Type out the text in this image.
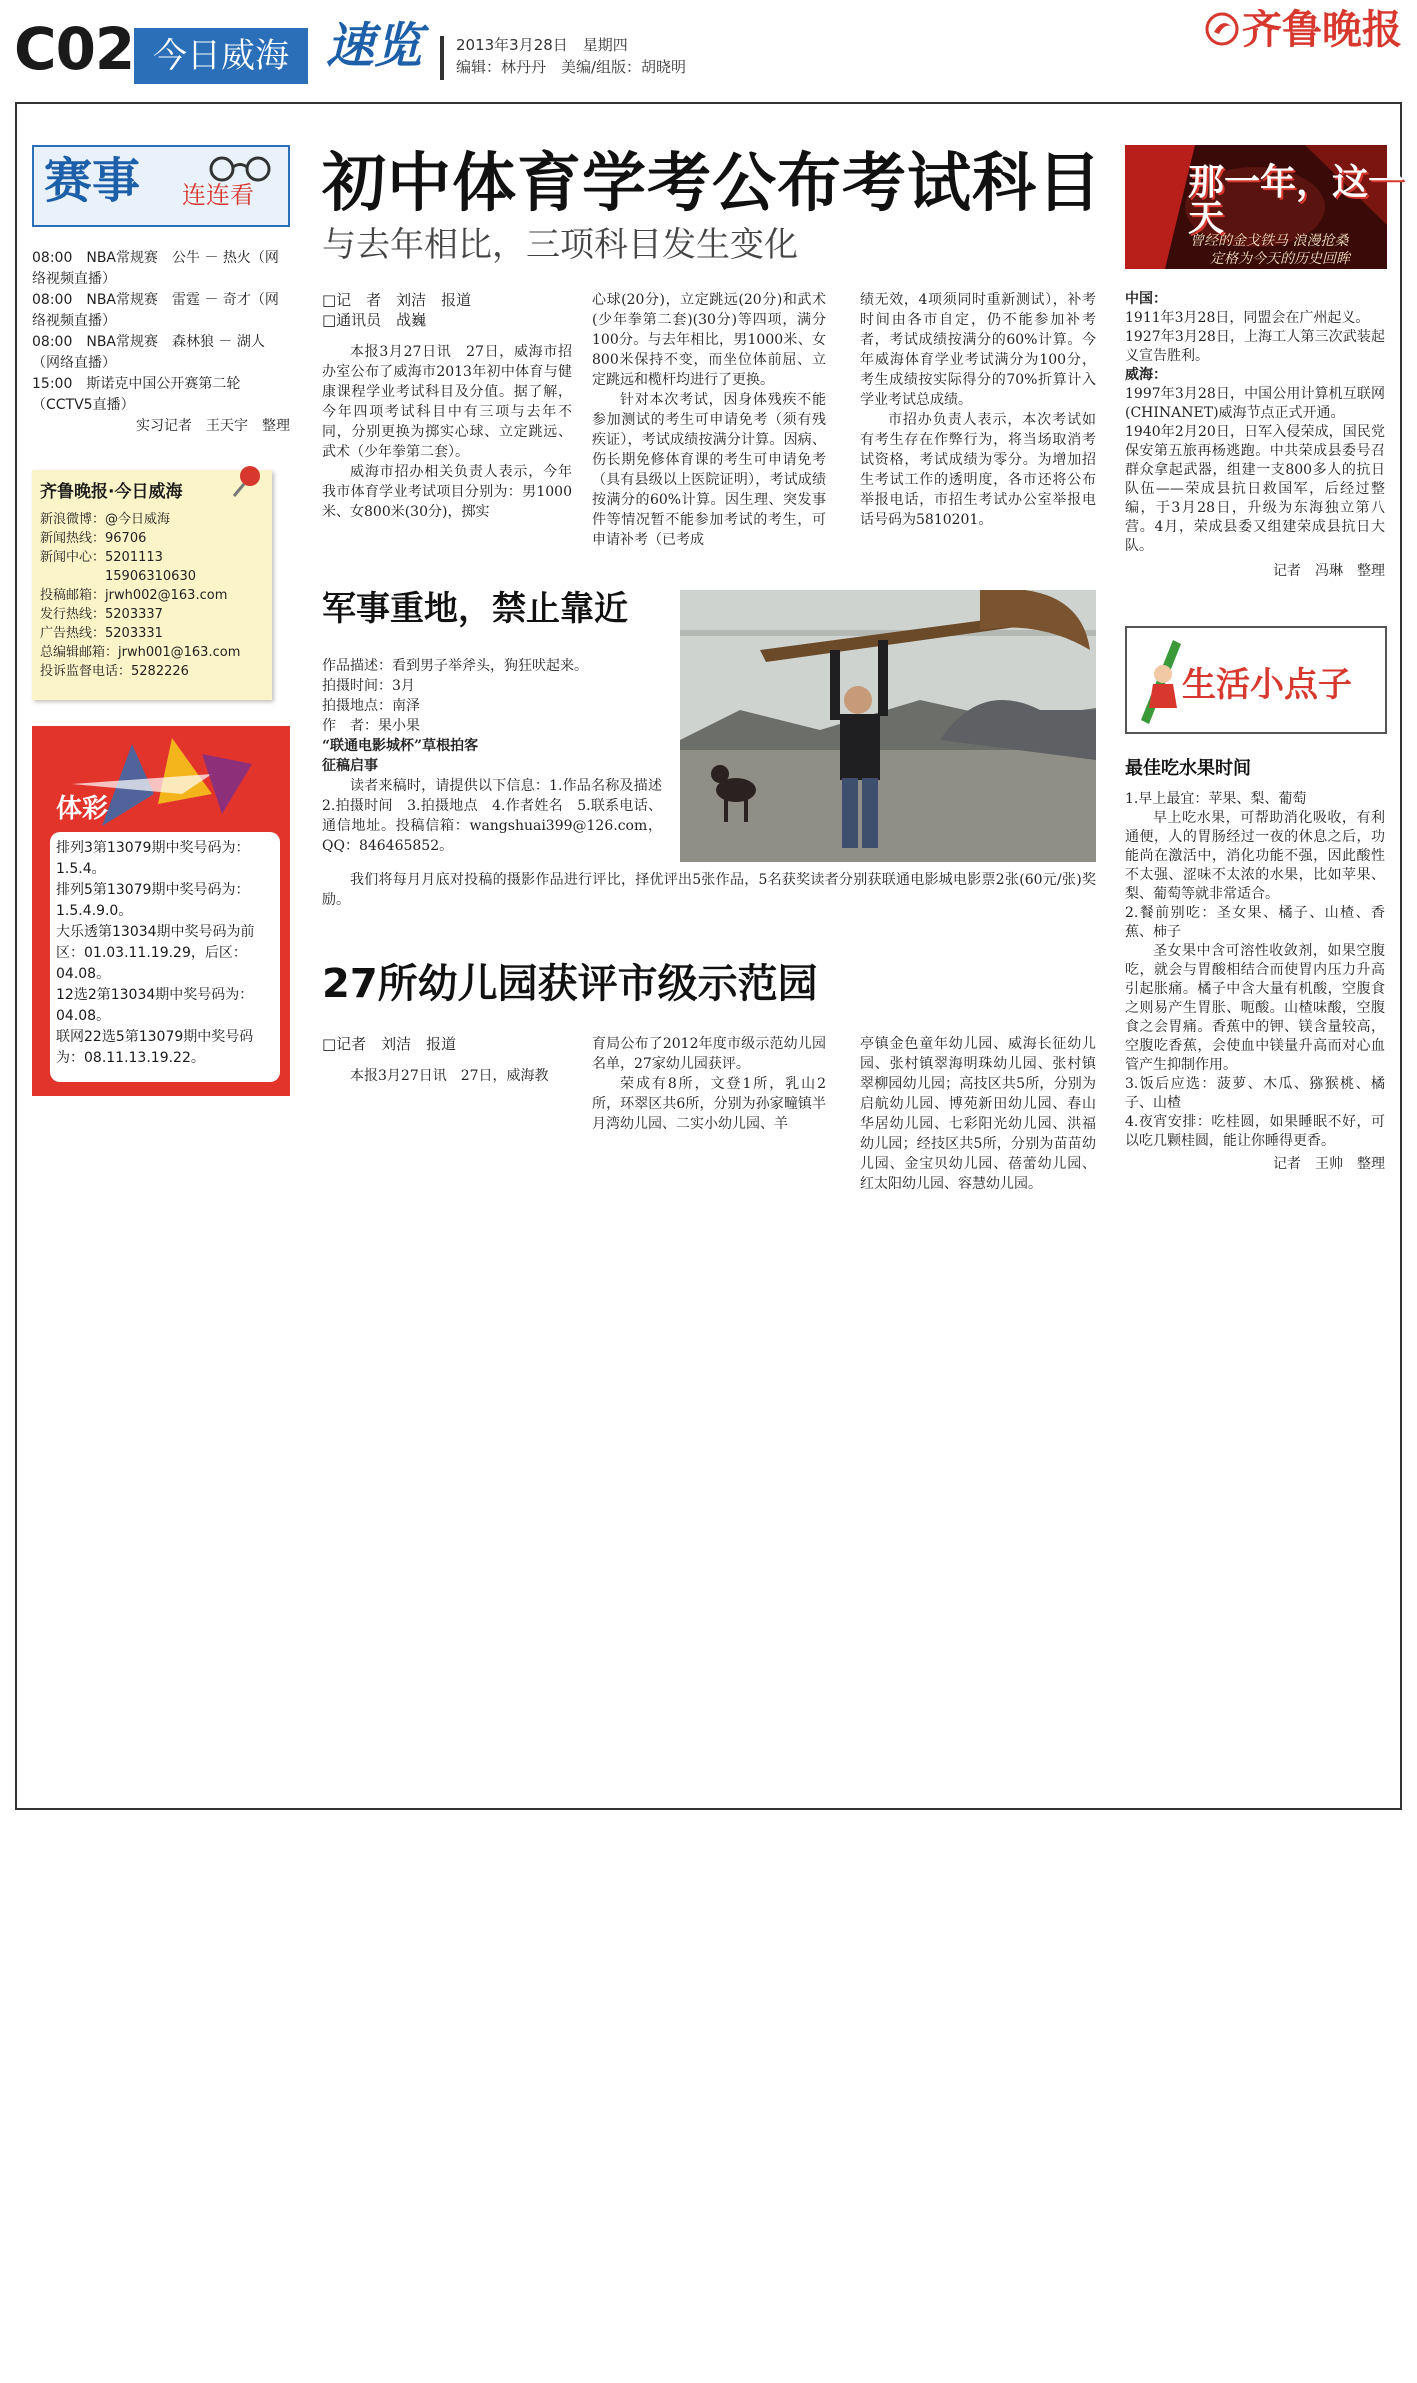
C02 今日威海 速览 2013年3月28日　星期四
编辑：林丹丹　美编/组版：胡晓明
齐鲁晚报
赛事 连连看
08:00　NBA常规赛　公牛 － 热火（网络视频直播）
08:00　NBA常规赛　雷霆 － 奇才（网络视频直播）
08:00　NBA常规赛　森林狼 － 湖人（网络直播）
15:00　斯诺克中国公开赛第二轮（CCTV5直播）
实习记者　王天宇　整理
齐鲁晚报·今日威海
新浪微博：@今日威海
新闻热线：96706
新闻中心：5201113
　　　　　15906310630
投稿邮箱：jrwh002@163.com
发行热线：5203337
广告热线：5203331
总编辑邮箱：jrwh001@163.com
投诉监督电话：5282226
体彩
排列3第13079期中奖号码为：1.5.4。
排列5第13079期中奖号码为：1.5.4.9.0。
大乐透第13034期中奖号码为前区：01.03.11.19.29，后区：04.08。
12选2第13034期中奖号码为：04.08。
联网22选5第13079期中奖号码为：08.11.13.19.22。
初中体育学考公布考试科目
与去年相比，三项科目发生变化
□记　者　刘洁　报道
□通讯员　战巍
本报3月27日讯　27日，威海市招办室公布了威海市2013年初中体育与健康课程学业考试科目及分值。据了解，今年四项考试科目中有三项与去年不同，分别更换为掷实心球、立定跳远、武术（少年拳第二套）。
威海市招办相关负责人表示，今年我市体育学业考试项目分别为：男1000米、女800米(30分)，掷实
心球(20分)，立定跳远(20分)和武术(少年拳第二套)(30分)等四项，满分100分。与去年相比，男1000米、女800米保持不变，而坐位体前屈、立定跳远和榄杆均进行了更换。
针对本次考试，因身体残疾不能参加测试的考生可申请免考（须有残疾证），考试成绩按满分计算。因病、伤长期免修体育课的考生可申请免考（具有县级以上医院证明），考试成绩按满分的60%计算。因生理、突发事件等情况暂不能参加考试的考生，可申请补考（已考成
绩无效，4项须同时重新测试），补考时间由各市自定，仍不能参加补考者，考试成绩按满分的60%计算。今年威海体育学业考试满分为100分，考生成绩按实际得分的70%折算计入学业考试总成绩。
市招办负责人表示，本次考试如有考生存在作弊行为，将当场取消考试资格，考试成绩为零分。为增加招生考试工作的透明度，各市还将公布举报电话，市招生考试办公室举报电话号码为5810201。
军事重地，禁止靠近
作品描述：看到男子举斧头，狗狂吠起来。
拍摄时间：3月
拍摄地点：南泽
作　者：果小果
“联通电影城杯”草根拍客
征稿启事
读者来稿时，请提供以下信息：1.作品名称及描述　2.拍摄时间　3.拍摄地点　4.作者姓名　5.联系电话、通信地址。投稿信箱：wangshuai399@126.com，QQ：846465852。
我们将每月月底对投稿的摄影作品进行评比，择优评出5张作品，5名获奖读者分别获联通电影城电影票2张(60元/张)奖励。
27所幼儿园获评市级示范园
□记者　刘洁　报道
本报3月27日讯　27日，威海教
育局公布了2012年度市级示范幼儿园名单，27家幼儿园获评。
荣成有8所，文登1所，乳山2所，环翠区共6所，分别为孙家疃镇半月湾幼儿园、二实小幼儿园、羊
亭镇金色童年幼儿园、威海长征幼儿园、张村镇翠海明珠幼儿园、张村镇翠柳园幼儿园；高技区共5所，分别为启航幼儿园、博苑新田幼儿园、春山华居幼儿园、七彩阳光幼儿园、洪福幼儿园；经技区共5所，分别为苗苗幼儿园、金宝贝幼儿园、蓓蕾幼儿园、红太阳幼儿园、容慧幼儿园。
那一年，这一天
曾经的金戈铁马 浪漫抢桑
定格为今天的历史回眸
中国：
1911年3月28日，同盟会在广州起义。
1927年3月28日，上海工人第三次武装起义宣告胜利。
威海：
1997年3月28日，中国公用计算机互联网(CHINANET)威海节点正式开通。
1940年2月20日，日军入侵荣成，国民党保安第五旅再杨逃跑。中共荣成县委号召群众拿起武器，组建一支800多人的抗日队伍——荣成县抗日救国军，后经过整编，于3月28日，升级为东海独立第八营。4月，荣成县委又组建荣成县抗日大队。
记者　冯琳　整理
生活小点子
最佳吃水果时间
1.早上最宜：苹果、梨、葡萄
早上吃水果，可帮助消化吸收，有利通便，人的胃肠经过一夜的休息之后，功能尚在激活中，消化功能不强，因此酸性不太强、涩味不太浓的水果，比如苹果、梨、葡萄等就非常适合。
2.餐前别吃：圣女果、橘子、山楂、香蕉、柿子
圣女果中含可溶性收敛剂，如果空腹吃，就会与胃酸相结合而使胃内压力升高引起胀痛。橘子中含大量有机酸，空腹食之则易产生胃胀、呃酸。山楂味酸，空腹食之会胃痛。香蕉中的钾、镁含量较高，空腹吃香蕉，会使血中镁量升高而对心血管产生抑制作用。
3.饭后应选：菠萝、木瓜、猕猴桃、橘子、山楂
4.夜宵安排：吃桂圆，如果睡眠不好，可以吃几颗桂圆，能让你睡得更香。
记者　王帅　整理
